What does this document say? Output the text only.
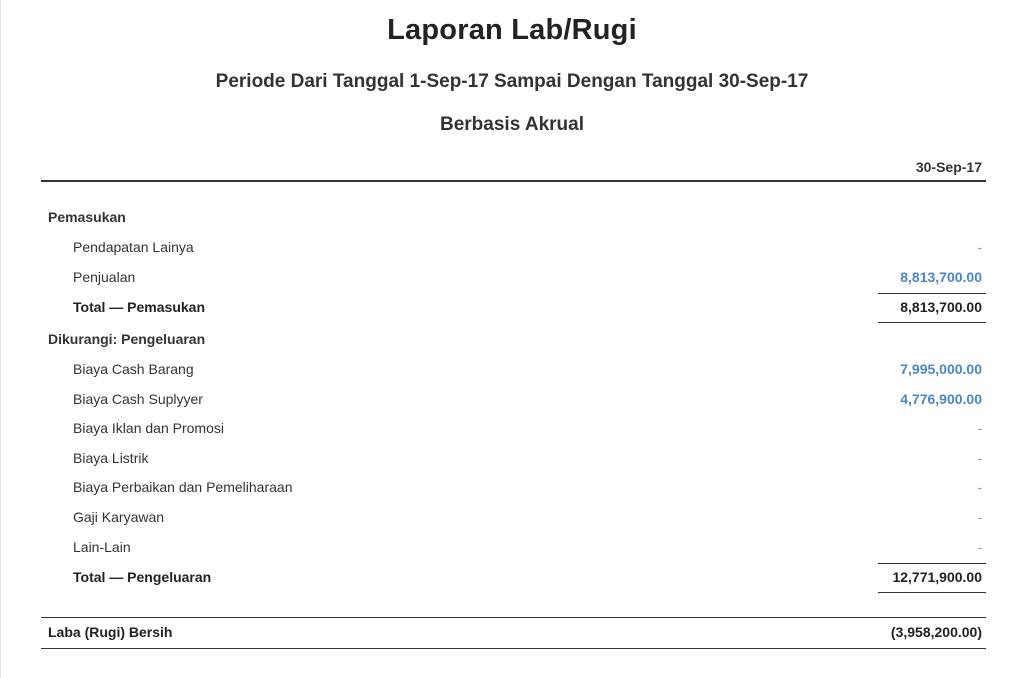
Laporan Lab/Rugi
Periode Dari Tanggal 1-Sep-17 Sampai Dengan Tanggal 30-Sep-17
Berbasis Akrual
30-Sep-17
Pemasukan
Pendapatan Lainya	-
Penjualan	8,813,700.00
Total — Pemasukan	8,813,700.00
Dikurangi: Pengeluaran
Biaya Cash Barang	7,995,000.00
Biaya Cash Suplyyer	4,776,900.00
Biaya Iklan dan Promosi	-
Biaya Listrik	-
Biaya Perbaikan dan Pemeliharaan	-
Gaji Karyawan	-
Lain-Lain	-
Total — Pengeluaran	12,771,900.00
Laba (Rugi) Bersih	(3,958,200.00)
